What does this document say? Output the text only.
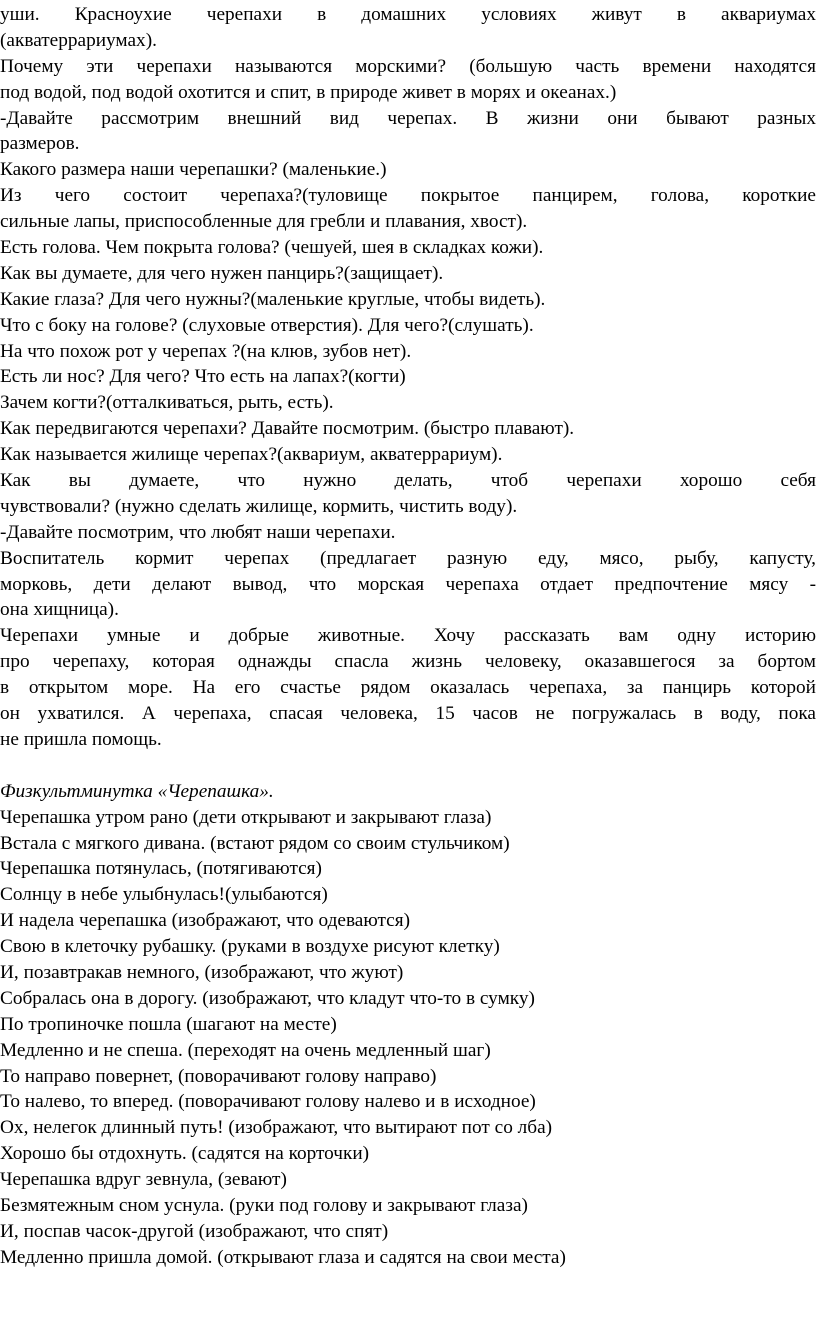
уши. Красноухие черепахи в домашних условиях живут в аквариумах
(акватеррариумах).
Почему эти черепахи называются морскими? (большую часть времени находятся
под водой, под водой охотится и спит, в природе живет в морях и океанах.)
-Давайте рассмотрим внешний вид черепах. В жизни они бывают разных
размеров.
Какого размера наши черепашки? (маленькие.)
Из чего состоит черепаха?(туловище покрытое панцирем, голова, короткие
сильные лапы, приспособленные для гребли и плавания, хвост).
Есть голова. Чем покрыта голова? (чешуей, шея в складках кожи).
Как вы думаете, для чего нужен панцирь?(защищает).
Какие глаза? Для чего нужны?(маленькие круглые, чтобы видеть).
Что с боку на голове? (слуховые отверстия). Для чего?(слушать).
На что похож рот у черепах ?(на клюв, зубов нет).
Есть ли нос? Для чего? Что есть на лапах?(когти)
Зачем когти?(отталкиваться, рыть, есть).
Как передвигаются черепахи? Давайте посмотрим. (быстро плавают).
Как называется жилище черепах?(аквариум, акватеррариум).
Как вы думаете, что нужно делать, чтоб черепахи хорошо себя
чувствовали? (нужно сделать жилище, кормить, чистить воду).
-Давайте посмотрим, что любят наши черепахи.
Воспитатель кормит черепах (предлагает разную еду, мясо, рыбу, капусту,
морковь, дети делают вывод, что морская черепаха отдает предпочтение мясу -
она хищница).
Черепахи умные и добрые животные. Хочу рассказать вам одну историю
про черепаху, которая однажды спасла жизнь человеку, оказавшегося за бортом
в открытом море. На его счастье рядом оказалась черепаха, за панцирь которой
он ухватился. А черепаха, спасая человека, 15 часов не погружалась в воду, пока
не пришла помощь.
Физкультминутка «Черепашка».
Черепашка утром рано (дети открывают и закрывают глаза)
Встала с мягкого дивана. (встают рядом со своим стульчиком)
Черепашка потянулась, (потягиваются)
Солнцу в небе улыбнулась!(улыбаются)
И надела черепашка (изображают, что одеваются)
Свою в клеточку рубашку. (руками в воздухе рисуют клетку)
И, позавтракав немного, (изображают, что жуют)
Собралась она в дорогу. (изображают, что кладут что-то в сумку)
По тропиночке пошла (шагают на месте)
Медленно и не спеша. (переходят на очень медленный шаг)
То направо повернет, (поворачивают голову направо)
То налево, то вперед. (поворачивают голову налево и в исходное)
Ох, нелегок длинный путь! (изображают, что вытирают пот со лба)
Хорошо бы отдохнуть. (садятся на корточки)
Черепашка вдруг зевнула, (зевают)
Безмятежным сном уснула. (руки под голову и закрывают глаза)
И, поспав часок-другой (изображают, что спят)
Медленно пришла домой. (открывают глаза и садятся на свои места)
